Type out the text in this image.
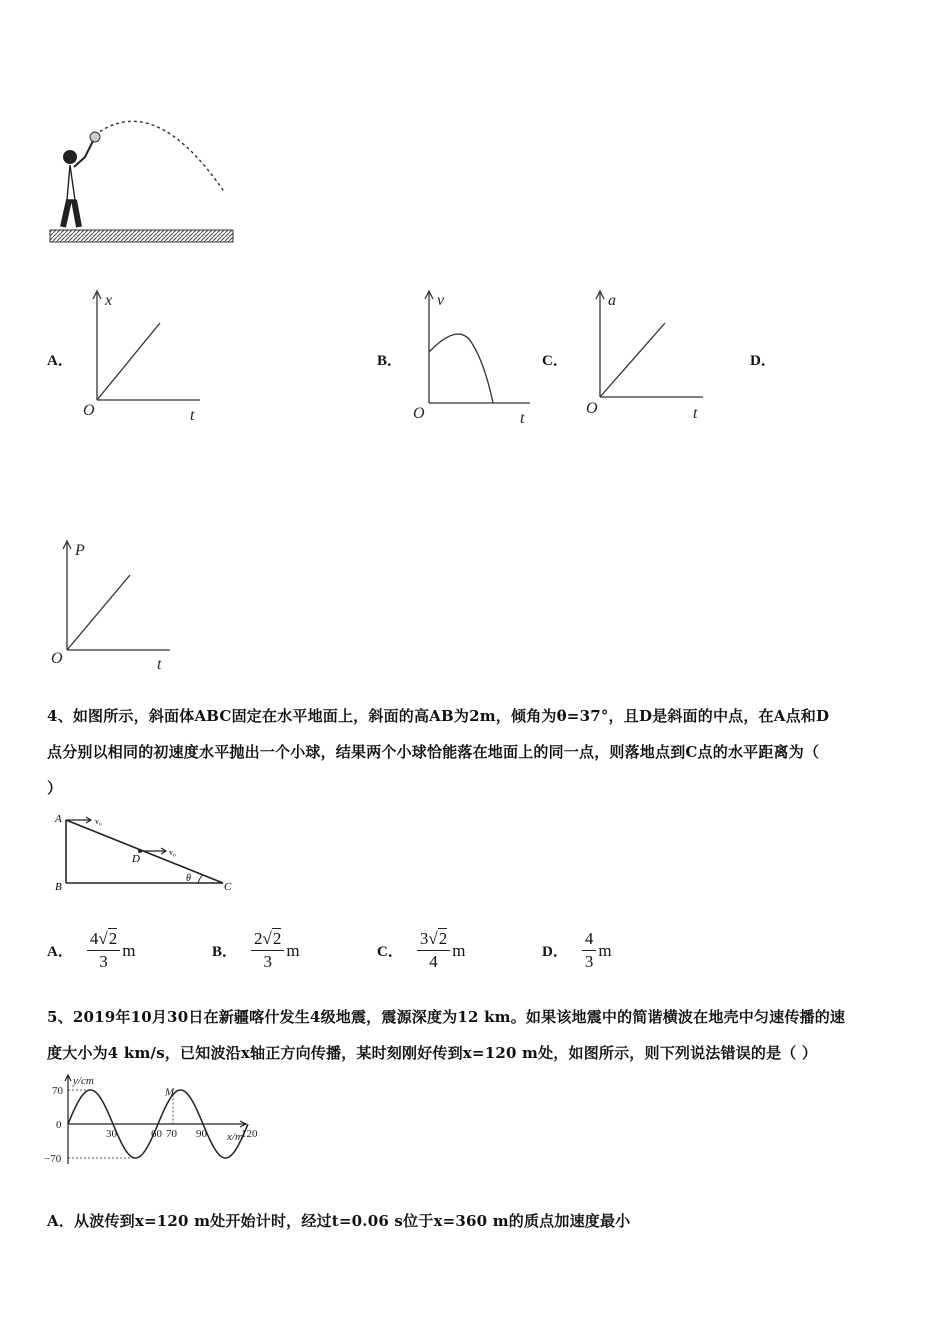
A．
x
O	t
B．
v
O	t
C．
a
O	t
D．
P
O	t
4、如图所示，斜面体ABC固定在水平地面上，斜面的高AB为2m，倾角为θ=37°，且D是斜面的中点，在A点和D
点分别以相同的初速度水平抛出一个小球，结果两个小球恰能落在地面上的同一点，则落地点到C点的水平距离为（
）
A
B	C
D
θ
v₀
v₀
A． $\frac{4√2}{3}$ m	B． $\frac{2√2}{3}$ m	C． $\frac{3√2}{4}$ m	D． $\frac{4}{3}$ m
5、2019年10月30日在新疆喀什发生4级地震，震源深度为12 km。如果该地震中的简谐横波在地壳中匀速传播的速
度大小为4 km/s，已知波沿x轴正方向传播，某时刻刚好传到x=120 m处，如图所示，则下列说法错误的是（ ）
y/cm
x/m
0
70
−70
30	60 70 90	120
M
A．从波传到x=120 m处开始计时，经过t=0.06 s位于x=360 m的质点加速度最小
